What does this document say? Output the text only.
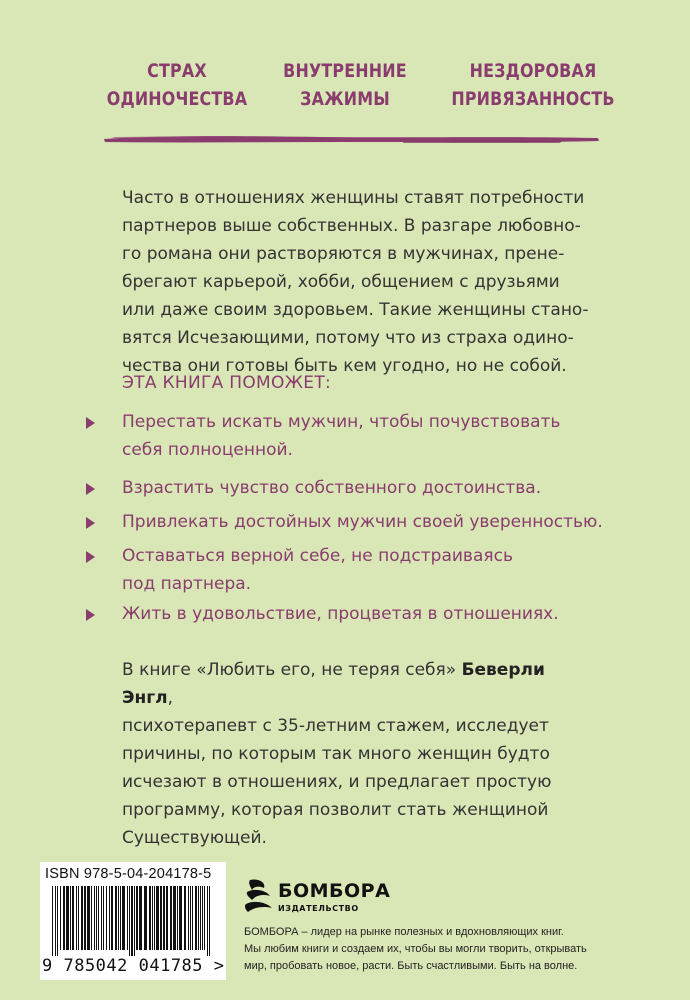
СТРАХ
ОДИНОЧЕСТВА
ВНУТРЕННИЕ
ЗАЖИМЫ
НЕЗДОРОВАЯ
ПРИВЯЗАННОСТЬ
Часто в отношениях женщины ставят потребности
партнеров выше собственных. В разгаре любовно-
го романа они растворяются в мужчинах, прене-
брегают карьерой, хобби, общением с друзьями
или даже своим здоровьем. Такие женщины стано-
вятся Исчезающими, потому что из страха одино-
чества они готовы быть кем угодно, но не собой.
ЭТА КНИГА ПОМОЖЕТ:
Перестать искать мужчин, чтобы почувствовать
себя полноценной.
Взрастить чувство собственного достоинства.
Привлекать достойных мужчин своей уверенностью.
Оставаться верной себе, не подстраиваясь
под партнера.
Жить в удовольствие, процветая в отношениях.
В книге «Любить его, не теряя себя» Беверли Энгл,
психотерапевт с 35-летним стажем, исследует
причины, по которым так много женщин будто
исчезают в отношениях, и предлагает простую
программу, которая позволит стать женщиной
Существующей.
ISBN 978-5-04-204178-5
9 785042 041785 >
БОМБОРА
ИЗДАТЕЛЬСТВО
БОМБОРА – лидер на рынке полезных и вдохновляющих книг.
Мы любим книги и создаем их, чтобы вы могли творить, открывать
мир, пробовать новое, расти. Быть счастливыми. Быть на волне.
